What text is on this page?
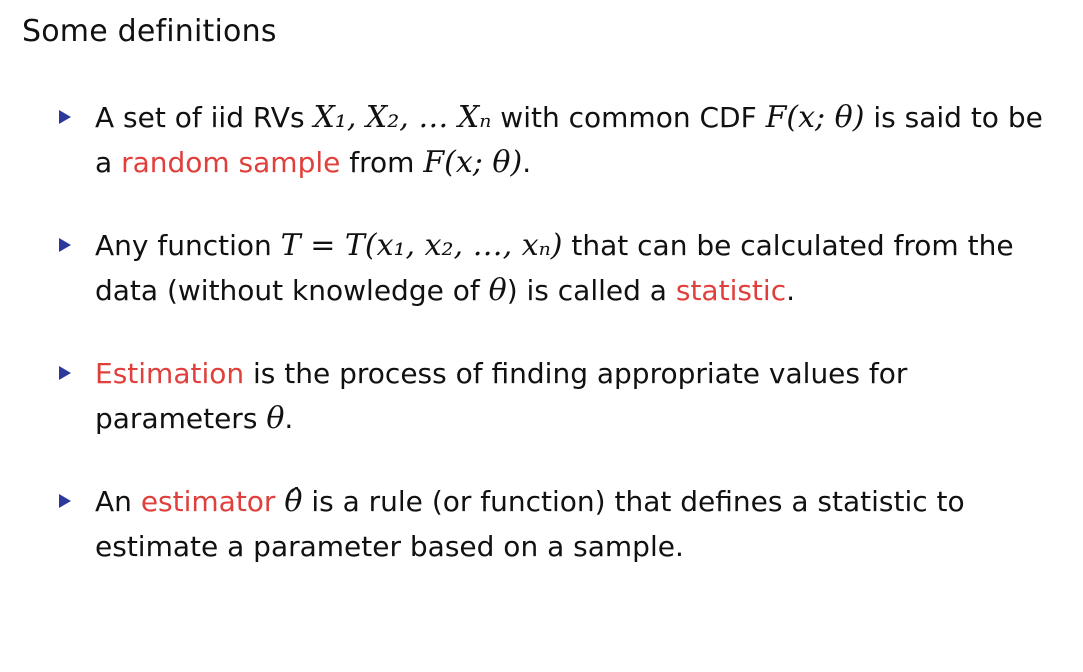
Some definitions
A set of iid RVs X₁, X₂, … Xₙ with common CDF F(x; θ) is said to be a random sample from F(x; θ).
Any function T = T(x₁, x₂, …, xₙ) that can be calculated from the data (without knowledge of θ) is called a statistic.
Estimation is the process of finding appropriate values for parameters θ.
An estimator θ̂ is a rule (or function) that defines a statistic to estimate a parameter based on a sample.
